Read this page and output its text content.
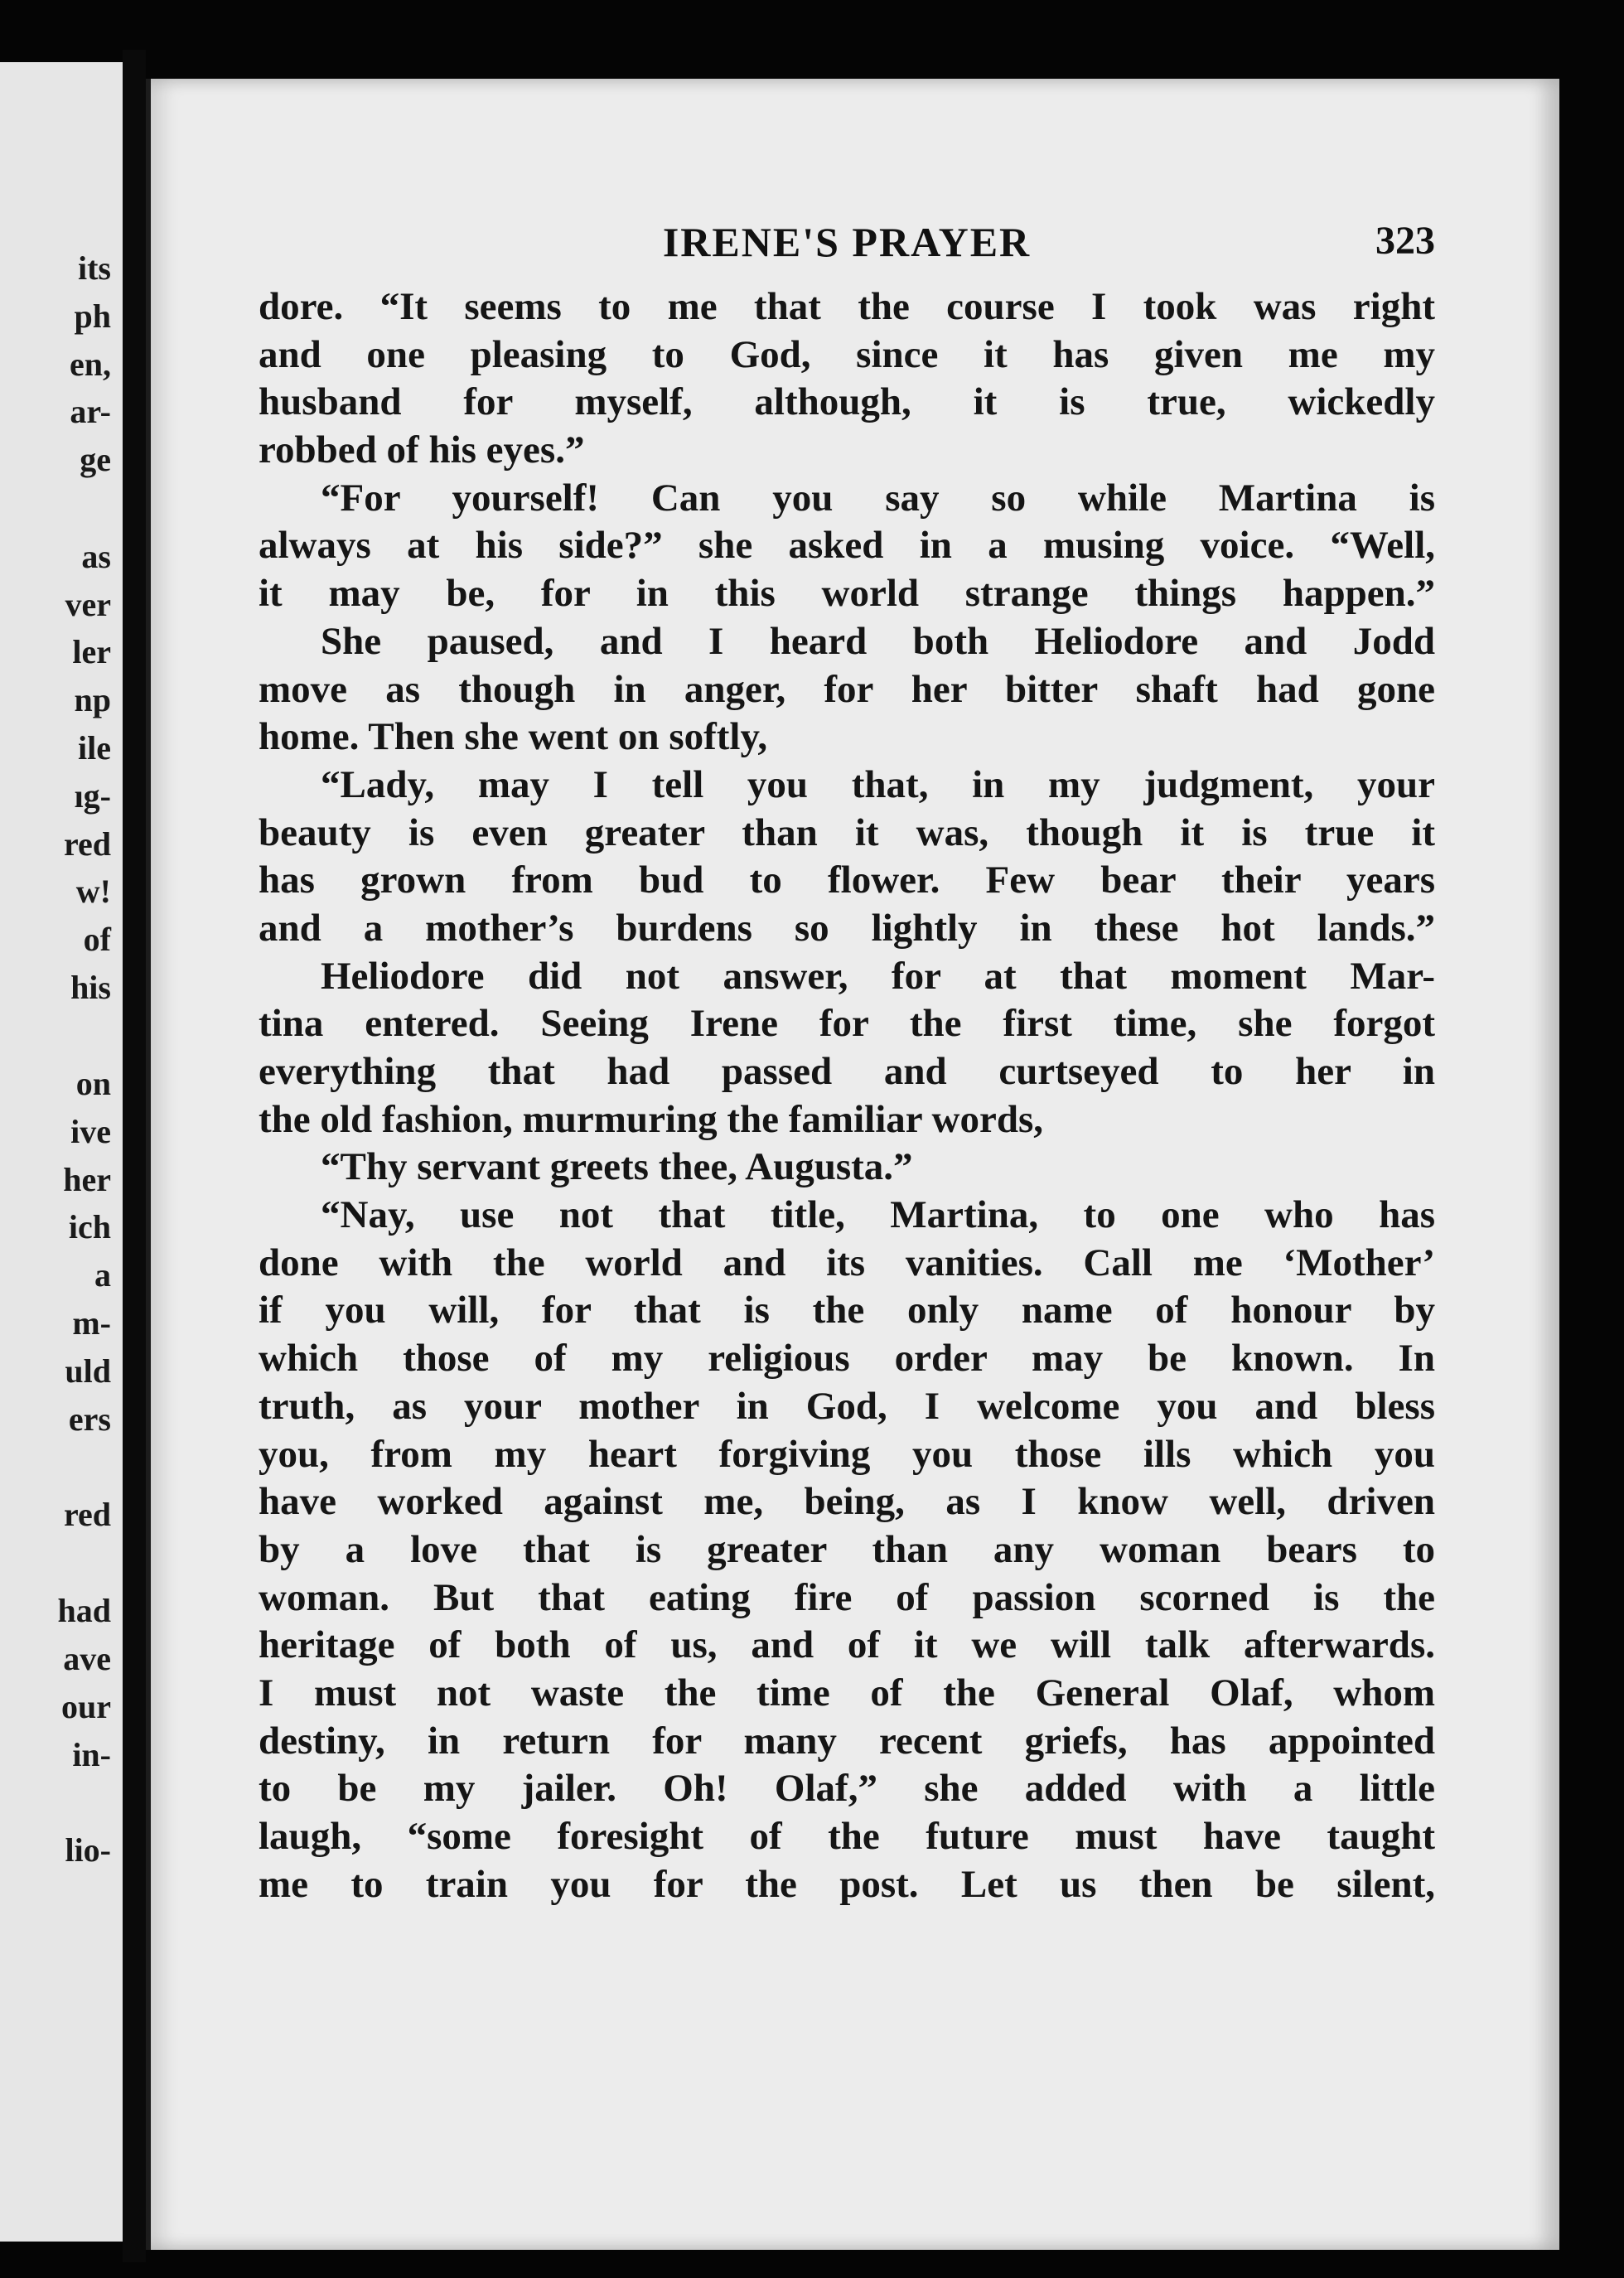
its
ph
en,
ar-
ge
as
ver
ler
np
ile
ıg-
red
w!
of
his
on
ive
her
ich
a
m-
uld
ers
red
had
ave
our
in-
lio-
IRENE'S PRAYER	323
dore. “It seems to me that the course I took was right
and one pleasing to God, since it has given me my
husband for myself, although, it is true, wickedly
robbed of his eyes.”
“For yourself! Can you say so while Martina is
always at his side?” she asked in a musing voice. “Well,
it may be, for in this world strange things happen.”
She paused, and I heard both Heliodore and Jodd
move as though in anger, for her bitter shaft had gone
home. Then she went on softly,
“Lady, may I tell you that, in my judgment, your
beauty is even greater than it was, though it is true it
has grown from bud to flower. Few bear their years
and a mother’s burdens so lightly in these hot lands.”
Heliodore did not answer, for at that moment Mar-
tina entered. Seeing Irene for the first time, she forgot
everything that had passed and curtseyed to her in
the old fashion, murmuring the familiar words,
“Thy servant greets thee, Augusta.”
“Nay, use not that title, Martina, to one who has
done with the world and its vanities. Call me ‘Mother’
if you will, for that is the only name of honour by
which those of my religious order may be known. In
truth, as your mother in God, I welcome you and bless
you, from my heart forgiving you those ills which you
have worked against me, being, as I know well, driven
by a love that is greater than any woman bears to
woman. But that eating fire of passion scorned is the
heritage of both of us, and of it we will talk afterwards.
I must not waste the time of the General Olaf, whom
destiny, in return for many recent griefs, has appointed
to be my jailer. Oh! Olaf,” she added with a little
laugh, “some foresight of the future must have taught
me to train you for the post. Let us then be silent,
